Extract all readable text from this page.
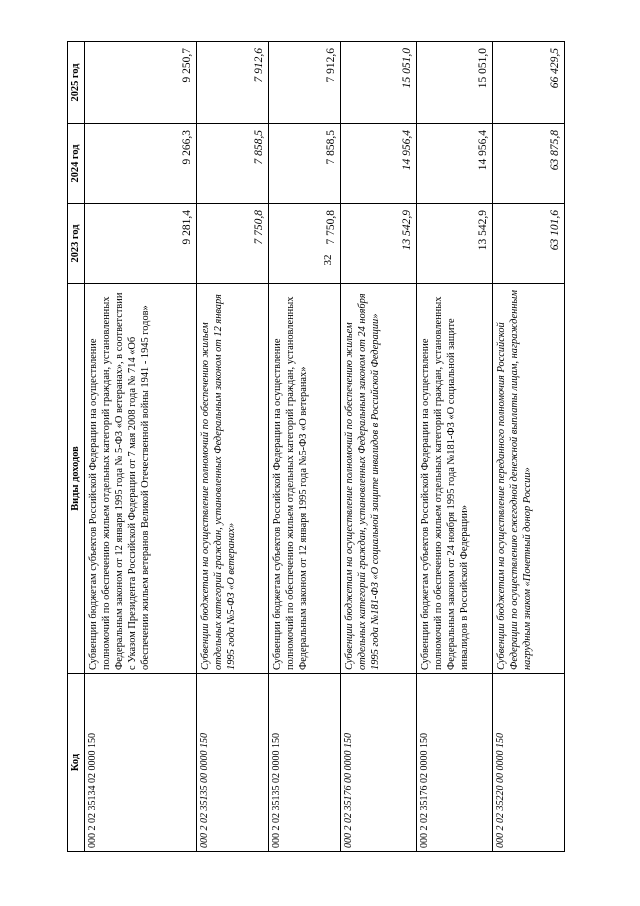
32
Код	Виды доходов	2023 год	2024 год	2025 год
000 2 02 35134 02 0000 150	Субвенции бюджетам субъектов Российской Федерации на осуществление полномочий по обеспечению жильем отдельных категорий граждан, установленных Федеральным законом от 12 января 1995 года № 5-ФЗ «О ветеранах», в соответствии с Указом Президента Российской Федерации от 7 мая 2008 года № 714 «Об обеспечении жильем ветеранов Великой Отечественной войны 1941 - 1945 годов»	9 281,4	9 266,3	9 250,7
000 2 02 35135 00 0000 150	Субвенции бюджетам на осуществление полномочий по обеспечению жильем отдельных категорий граждан, установленных Федеральным законом от 12 января 1995 года №5-ФЗ «О ветеранах»	7 750,8	7 858,5	7 912,6
000 2 02 35135 02 0000 150	Субвенции бюджетам субъектов Российской Федерации на осуществление полномочий по обеспечению жильем отдельных категорий граждан, установленных Федеральным законом от 12 января 1995 года №5-ФЗ «О ветеранах»	7 750,8	7 858,5	7 912,6
000 2 02 35176 00 0000 150	Субвенции бюджетам на осуществление полномочий по обеспечению жильем отдельных категорий граждан, установленных Федеральным законом от 24 ноября 1995 года №181-ФЗ «О социальной защите инвалидов в Российской Федерации»	13 542,9	14 956,4	15 051,0
000 2 02 35176 02 0000 150	Субвенции бюджетам субъектов Российской Федерации на осуществление полномочий по обеспечению жильем отдельных категорий граждан, установленных Федеральным законом от 24 ноября 1995 года №181-ФЗ «О социальной защите инвалидов в Российской Федерации»	13 542,9	14 956,4	15 051,0
000 2 02 35220 00 0000 150	Субвенции бюджетам на осуществление переданного полномочия Российской Федерации по осуществлению ежегодной денежной выплаты лицам, награжденным нагрудным знаком «Почетный донор России»	63 101,6	63 875,8	66 429,5
